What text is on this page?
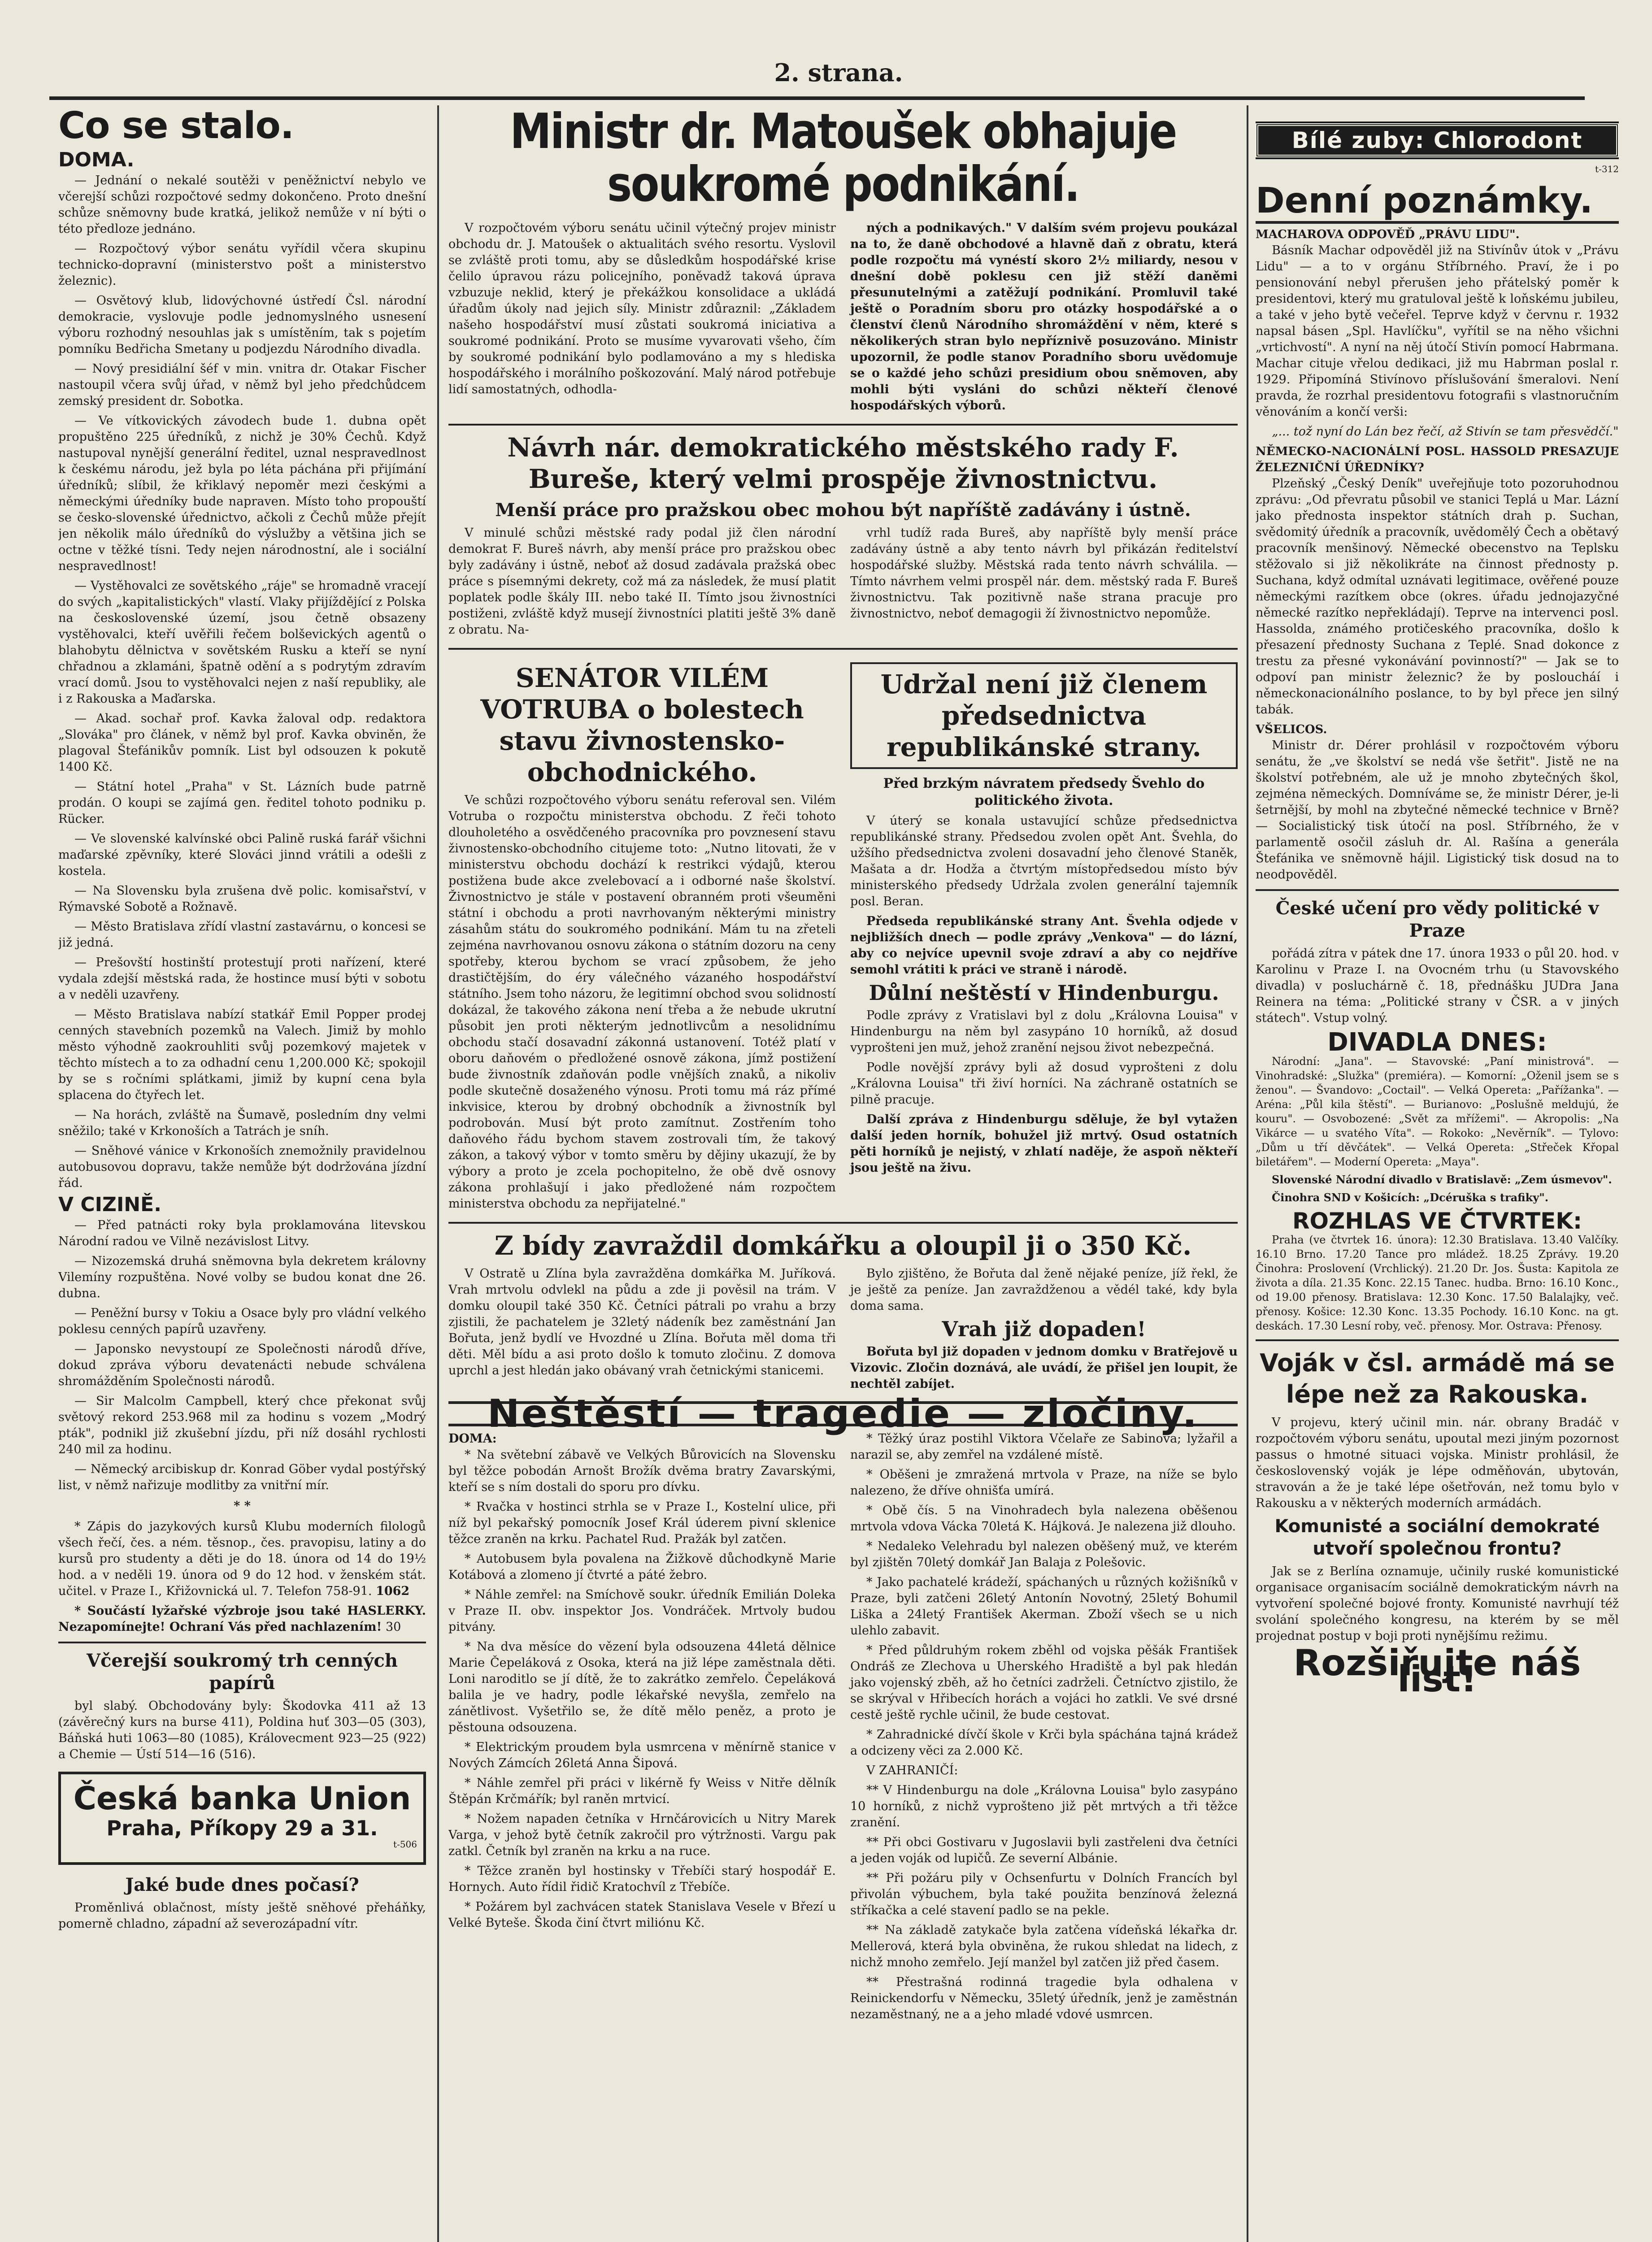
2. strana.
Co se stalo.
DOMA.

— Jednání o nekalé soutěži v peněžnictví nebylo ve včerejší schůzi rozpočtové sedmy dokončeno. Proto dnešní schůze sněmovny bude kratká, jelikož nemůže v ní býti o této předloze jednáno.

— Rozpočtový výbor senátu vyřídil včera skupinu technicko-dopravní (ministerstvo pošt a ministerstvo železnic).

— Osvětový klub, lidovýchovné ústředí Čsl. národní demokracie, vyslovuje podle jednomyslného usnesení výboru rozhodný nesouhlas jak s umístěním, tak s pojetím pomníku Bedřicha Smetany u podjezdu Národního divadla.

— Nový presidiální šéf v min. vnitra dr. Otakar Fischer nastoupil včera svůj úřad, v němž byl jeho předchůdcem zemský president dr. Sobotka.

— Ve vítkovických závodech bude 1. dubna opět propuštěno 225 úředníků, z nichž je 30% Čechů. Když nastupoval nynější generální ředitel, uznal nespravedlnost k českému národu, jež byla po léta páchána při přijímání úředníků; slíbil, že křiklavý nepoměr mezi českými a německými úředníky bude napraven. Místo toho propouští se česko-slovenské úřednictvo, ačkoli z Čechů může přejít jen několik málo úředníků do výslužby a většina jich se octne v těžké tísni. Tedy nejen národnostní, ale i sociální nespravedlnost!

— Vystěhovalci ze sovětského „ráje" se hromadně vracejí do svých „kapitalistických" vlastí. Vlaky přijíždějící z Polska na československé území, jsou četně obsazeny vystěhovalci, kteří uvěřili řečem bolševických agentů o blahobytu dělnictva v sovětském Rusku a kteří se nyní chřadnou a zklamáni, špatně odění a s podrytým zdravím vrací domů. Jsou to vystěhovalci nejen z naší republiky, ale i z Rakouska a Maďarska.

— Akad. sochař prof. Kavka žaloval odp. redaktora „Slováka" pro článek, v němž byl prof. Kavka obviněn, že plagoval Štefánikův pomník. List byl odsouzen k pokutě 1400 Kč.

— Státní hotel „Praha" v St. Lázních bude patrně prodán. O koupi se zajímá gen. ředitel tohoto podniku p. Rücker.

— Ve slovenské kalvínské obci Palině ruská farář všichni maďarské zpěvníky, které Slováci jinnd vrátili a odešli z kostela.

— Na Slovensku byla zrušena dvě polic. komisařství, v Rýmavské Sobotě a Rožnavě.

— Město Bratislava zřídí vlastní zastavárnu, o koncesi se již jedná.

— Prešovští hostinští protestují proti nařízení, které vydala zdejší městská rada, že hostince musí býti v sobotu a v neděli uzavřeny.

— Město Bratislava nabízí statkář Emil Popper prodej cenných stavebních pozemků na Valech. Jimiž by mohlo město výhodně zaokrouhliti svůj pozemkový majetek v těchto místech a to za odhadní cenu 1,200.000 Kč; spokojil by se s ročními splátkami, jimiž by kupní cena byla splacena do čtyřech let.

— Na horách, zvláště na Šumavě, posledním dny velmi sněžilo; také v Krkonoších a Tatrách je sníh.

— Sněhové vánice v Krkonoších znemožnily pravidelnou autobusovou dopravu, takže nemůže být dodržována jízdní řád.

V CIZINĚ.

— Před patnácti roky byla proklamována litevskou Národní radou ve Vilně nezávislost Litvy.

— Nizozemská druhá sněmovna byla dekretem královny Vilemíny rozpuštěna. Nové volby se budou konat dne 26. dubna.

— Peněžní bursy v Tokiu a Osace byly pro vládní velkého poklesu cenných papírů uzavřeny.

— Japonsko nevystoupí ze Společnosti národů dříve, dokud zpráva výboru devatenácti nebude schválena shromážděním Společnosti národů.

— Sir Malcolm Campbell, který chce překonat svůj světový rekord 253.968 mil za hodinu s vozem „Modrý pták", podnikl již zkušební jízdu, při níž dosáhl rychlosti 240 mil za hodinu.

— Německý arcibiskup dr. Konrad Göber vydal postýřský list, v němž nařizuje modlitby za vnitřní mír.

* *

* Zápis do jazykových kursů Klubu moderních filologů všech řečí, čes. a ném. těsnop., čes. pravopisu, latiny a do kursů pro studenty a děti je do 18. února od 14 do 19½ hod. a v neděli 19. února od 9 do 12 hod. v ženském stát. učitel. v Praze I., Křižovnická ul. 7. Telefon 758-91. 1062

* Součástí lyžařské výzbroje jsou také HASLERKY. Nezapomínejte! Ochraní Vás před nachlazením! 30

Včerejší soukromý trh cenných papírů

byl slabý. Obchodovány byly: Škodovka 411 až 13 (závěrečný kurs na burse 411), Poldina huť 303—05 (303), Báňská huti 1063—80 (1085), Královecment 923—25 (922) a Chemie — Ústí 514—16 (516).

Česká banka Union
Praha, Příkopy 29 a 31.
t-506
Jaké bude dnes počasí?

Proměnlivá oblačnost, místy ještě sněhové přeháňky, pomerně chladno, západní až severozápadní vítr.

Ministr dr. Matoušek obhajuje soukromé podnikání.

V rozpočtovém výboru senátu učinil výtečný projev ministr obchodu dr. J. Matoušek o aktualitách svého resortu. Vyslovil se zvláště proti tomu, aby se důsledkům hospodářské krise čelilo úpravou rázu policejního, poněvadž taková úprava vzbuzuje neklid, který je překážkou konsolidace a ukládá úřadům úkoly nad jejich síly. Ministr zdůraznil: „Základem našeho hospodářství musí zůstati soukromá iniciativa a soukromé podnikání. Proto se musíme vyvarovati všeho, čím by soukromé podnikání bylo podlamováno a my s hlediska hospodářského i morálního poškozování. Malý národ potřebuje lidí samostatných, odhodla-

ných a podnikavých." V dalším svém projevu poukázal na to, že daně obchodové a hlavně daň z obratu, která podle rozpočtu má vynéstí skoro 2½ miliardy, nesou v dnešní době poklesu cen již stěží daněmi přesunutelnými a zatěžují podnikání. Promluvil také ještě o Poradním sboru pro otázky hospodářské a o členství členů Národního shromáždění v něm, které s několikerých stran bylo nepříznivě posuzováno. Ministr upozornil, že podle stanov Poradního sboru uvědomuje se o každé jeho schůzi presidium obou sněmoven, aby mohli býti vysláni do schůzi někteří členové hospodářských výborů.

Návrh nár. demokratického městského rady F. Bureše, který velmi prospěje živnostnictvu.
Menší práce pro pražskou obec mohou být napříště zadávány i ústně.

V minulé schůzi městské rady podal již člen národní demokrat F. Bureš návrh, aby menší práce pro pražskou obec byly zadávány i ústně, neboť až dosud zadávala pražská obec práce s písemnými dekrety, což má za následek, že musí platit poplatek podle škály III. nebo také II. Tímto jsou živnostníci postiženi, zvláště když musejí živnostníci platiti ještě 3% daně z obratu. Na-

vrhl tudíž rada Bureš, aby napříště byly menší práce zadávány ústně a aby tento návrh byl přikázán ředitelství hospodářské služby. Městská rada tento návrh schválila. — Tímto návrhem velmi prospěl nár. dem. městský rada F. Bureš živnostnictvu. Tak pozitivně naše strana pracuje pro živnostnictvo, neboť demagogii ží živnostnictvo nepomůže.

SENÁTOR VILÉM VOTRUBA o bolestech stavu živnostensko-obchodnického.

Ve schůzi rozpočtového výboru senátu referoval sen. Vilém Votruba o rozpočtu ministerstva obchodu. Z řeči tohoto dlouholetého a osvědčeného pracovníka pro povznesení stavu živnostensko-obchodního citujeme toto: „Nutno litovati, že v ministerstvu obchodu dochází k restrikci výdajů, kterou postižena bude akce zvelebovací a i odborné naše školství. Živnostnictvo je stále v postavení obranném proti všeuměni státní i obchodu a proti navrhovaným některými ministry zásahům státu do soukromého podnikání. Mám tu na zřeteli zejména navrhovanou osnovu zákona o státním dozoru na ceny spotřeby, kterou bychom se vrací způsobem, že jeho drastičtějším, do éry válečného vázaného hospodářství státního. Jsem toho názoru, že legitimní obchod svou solidností dokázal, že takového zákona není třeba a že nebude ukrutní působit jen proti některým jednotlivcům a nesolidnímu obchodu stačí dosavadní zákonná ustanovení. Totéž platí v oboru daňovém o předložené osnově zákona, jímž postižení bude živnostník zdaňován podle vnějších znaků, a nikoliv podle skutečně dosaženého výnosu. Proti tomu má ráz přímé inkvisice, kterou by drobný obchodník a živnostník byl podrobován. Musí být proto zamítnut. Zostřením toho daňového řádu bychom stavem zostrovali tím, že takový zákon, a takový výbor v tomto směru by dějiny ukazují, že by výbory a proto je zcela pochopitelno, že obě dvě osnovy zákona prohlašují i jako předložené nám rozpočtem ministerstva obchodu za nepřijatelné."

Udržal není již členem předsednictva republikánské strany.
Před brzkým návratem předsedy Švehlo do politického života.

V úterý se konala ustavující schůze předsednictva republikánské strany. Předsedou zvolen opět Ant. Švehla, do užšího předsednictva zvoleni dosavadní jeho členové Staněk, Mašata a dr. Hodža a čtvrtým místopředsedou místo býv ministerského předsedy Udržala zvolen generální tajemník posl. Beran.

Předseda republikánské strany Ant. Švehla odjede v nejbližších dnech — podle zprávy „Venkova" — do lázní, aby co nejvíce upevnil svoje zdraví a aby co nejdříve semohl vrátiti k práci ve straně i národě.

Důlní neštěstí v Hindenburgu.

Podle zprávy z Vratislavi byl z dolu „Královna Louisa" v Hindenburgu na něm byl zasypáno 10 horníků, až dosud vyprošteni jen muž, jehož zranění nejsou život nebezpečná.

Podle novější zprávy byli až dosud vyprošteni z dolu „Královna Louisa" tři živí horníci. Na záchraně ostatních se pilně pracuje.

Další zpráva z Hindenburgu sděluje, že byl vytažen další jeden horník, bohužel již mrtvý. Osud ostatních pěti horníků je nejistý, v zhlatí naděje, že aspoň někteří jsou ještě na živu.

Z bídy zavraždil domkářku a oloupil ji o 350 Kč.

V Ostratě u Zlína byla zavražděna domkářka M. Juříková. Vrah mrtvolu odvlekl na půdu a zde ji pověsil na trám. V domku oloupil také 350 Kč. Četníci pátrali po vrahu a brzy zjistili, že pachatelem je 32letý nádeník bez zaměstnání Jan Bořuta, jenž bydlí ve Hvozdné u Zlína. Bořuta měl doma tři děti. Měl bídu a asi proto došlo k tomuto zločinu. Z domova uprchl a jest hledán jako obávaný vrah četnickými stanicemi.

Bylo zjištěno, že Bořuta dal ženě nějaké peníze, jíž řekl, že je ještě za peníze. Jan zavraždženou a vědél také, kdy byla doma sama.

Vrah již dopaden!

Bořuta byl již dopaden v jednom domku v Bratřejově u Vizovic. Zločin doznává, ale uvádí, že přišel jen loupit, že nechtěl zabíjet.

Neštěstí — tragedie — zločiny.
DOMA:

* Na světební zábavě ve Velkých Bůrovicích na Slovensku byl těžce pobodán Arnošt Brožík dvěma bratry Zavarskými, kteří se s ním dostali do sporu pro dívku.

* Rvačka v hostinci strhla se v Praze I., Kostelní ulice, při níž byl pekařský pomocník Josef Král úderem pivní sklenice těžce zraněn na krku. Pachatel Rud. Pražák byl zatčen.

* Autobusem byla povalena na Žižkově důchodkyně Marie Kotábová a zlomeno jí čtvrté a páté žebro.

* Náhle zemřel: na Smíchově soukr. úředník Emilián Doleka v Praze II. obv. inspektor Jos. Vondráček. Mrtvoly budou pitvány.

* Na dva měsíce do vězení byla odsouzena 44letá dělnice Marie Čepeláková z Osoka, která na již lépe zaměstnala děti. Loni naroditlo se jí dítě, že to zakrátko zemřelo. Čepeláková balila je ve hadry, podle lékařské nevyšla, zemřelo na zánětlivost. Vyšetřilo se, že dítě mělo peněz, a proto je pěstouna odsouzena.

* Elektrickým proudem byla usmrcena v měnírně stanice v Nových Zámcích 26letá Anna Šipová.

* Náhle zemřel při práci v likérně fy Weiss v Nitře dělník Štěpán Krčmářík; byl raněn mrtvicí.

* Nožem napaden četníka v Hrnčárovicích u Nitry Marek Varga, v jehož bytě četník zakročil pro výtržnosti. Vargu pak zatkl. Četník byl zraněn na krku a na ruce.

* Těžce zraněn byl hostinsky v Třebíči starý hospodář E. Hornych. Auto řídil řidič Kratochvíl z Třebíče.

* Požárem byl zachvácen statek Stanislava Vesele v Březí u Velké Byteše. Škoda činí čtvrt miliónu Kč.

* Těžký úraz postihl Viktora Včelaře ze Sabinova; lyžařil a narazil se, aby zemřel na vzdálené místě.

* Oběšeni je zmražená mrtvola v Praze, na níže se bylo nalezeno, že dříve ohnišťa umírá.

* Obě čís. 5 na Vinohradech byla nalezena oběšenou mrtvola vdova Vácka 70letá K. Hájková. Je nalezena již dlouho.

* Nedaleko Velehradu byl nalezen oběšený muž, ve kterém byl zjištěn 70letý domkář Jan Balaja z Polešovic.

* Jako pachatelé krádeží, spáchaných u různých kožišníků v Praze, byli zatčeni 26letý Antonín Novotný, 25letý Bohumil Liška a 24letý František Akerman. Zboží všech se u nich ulehlo zabavit.

* Před půldruhým rokem zběhl od vojska pěšák František Ondráš ze Zlechova u Uherského Hradiště a byl pak hledán jako vojenský zběh, až ho četníci zadrželi. Četníctvo zjistilo, že se skrýval v Hřibecích horách a vojáci ho zatkli. Ve své drsné cestě ještě rychle učinil, že bude cestovat.

* Zahradnické dívčí škole v Krči byla spáchána tajná krádež a odcizeny věci za 2.000 Kč.

V ZAHRANIČÍ:

** V Hindenburgu na dole „Královna Louisa" bylo zasypáno 10 horníků, z nichž vyprošteno již pět mrtvých a tři těžce zranění.

** Při obci Gostivaru v Jugoslavii byli zastřeleni dva četníci a jeden voják od lupičů. Ze severní Albánie.

** Při požáru pily v Ochsenfurtu v Dolních Francích byl přivolán výbuchem, byla také použita benzínová železná stříkačka a celé stavení padlo se na pekle.

** Na základě zatykače byla zatčena vídeňská lékařka dr. Mellerová, která byla obviněna, že rukou shledat na lidech, z nichž mnoho zemřelo. Její manžel byl zatčen již před časem.

** Přestrašná rodinná tragedie byla odhalena v Reinickendorfu v Německu, 35letý úředník, jenž je zaměstnán nezaměstnaný, ne a a jeho mladé vdové usmrcen.

Bílé zuby: Chlorodont
t-312
Denní poznámky.
MACHAROVA ODPOVĚĎ „PRÁVU LIDU".

Básník Machar odpověděl již na Stivínův útok v „Právu Lidu" — a to v orgánu Stříbrného. Praví, že i po pensionování nebyl přerušen jeho přátelský poměr k presidentovi, který mu gratuloval ještě k loňskému jubileu, a také v jeho bytě večeřel. Teprve když v červnu r. 1932 napsal básen „Spl. Havlíčku", vyřítil se na něho všichni „vrtichvostí". A nyní na něj útočí Stivín pomocí Habrmana. Machar cituje vřelou dedikaci, již mu Habrman poslal r. 1929. Připomíná Stivínovo příslušování šmeralovi. Není pravda, že rozrhal presidentovu fotografii s vlastnoručním věnováním a končí verši:

„... tož nyní do Lán bez řečí, až Stivín se tam přesvědčí."

NĚMECKO-NACIONÁLNÍ POSL. HASSOLD PRESAZUJE ŽELEZNIČNÍ ÚŘEDNÍKY?

Plzeňský „Český Deník" uveřejňuje toto pozoruhodnou zprávu: „Od převratu působil ve stanici Teplá u Mar. Lázní jako přednosta inspektor státních drah p. Suchan, svědomitý úředník a pracovník, uvědomělý Čech a obětavý pracovník menšinový. Německé obecenstvo na Teplsku stěžovalo si již několikráte na činnost přednosty p. Suchana, když odmítal uznávati legitimace, ověřené pouze německými razítkem obce (okres. úřadu jednojazyčné německé razítko nepřekládají). Teprve na intervenci posl. Hassolda, známého protičeského pracovníka, došlo k přesazení přednosty Suchana z Teplé. Snad dokonce z trestu za přesné vykonávání povinností?" — Jak se to odpoví pan ministr železnic? že by posloucháí i německonacionálního poslance, to by byl přece jen silný tabák.

VŠELICOS.

Ministr dr. Dérer prohlásil v rozpočtovém výboru senátu, že „ve školství se nedá vše šetřit". Jistě ne na školství potřebném, ale už je mnoho zbytečných škol, zejména německých. Domníváme se, že ministr Dérer, je-li šetrnější, by mohl na zbytečné německé technice v Brně? — Socialistický tisk útočí na posl. Stříbrného, že v parlamentě osočil zásluh dr. Al. Rašína a generála Štefánika ve sněmovně hájil. Ligistický tisk dosud na to neodpověděl.

České učení pro vědy politické v Praze

pořádá zítra v pátek dne 17. února 1933 o půl 20. hod. v Karolinu v Praze I. na Ovocném trhu (u Stavovského divadla) v posluchárně č. 18, přednášku JUDra Jana Reinera na téma: „Politické strany v ČSR. a v jiných státech". Vstup volný.

DIVADLA DNES:

Národní: „Jana". — Stavovské: „Paní ministrová". — Vinohradské: „Služka" (premiéra). — Komorní: „Oženil jsem se s ženou". — Švandovo: „Coctail". — Velká Opereta: „Pařížanka". — Aréna: „Půl kila štěstí". — Burianovo: „Poslušně meldujú, že kouru". — Osvobozené: „Svět za mřížemi". — Akropolis: „Na Vikárce — u svatého Víta". — Rokoko: „Nevěrník". — Tylovo: „Dům u tří děvčátek". — Velká Opereta: „Střeček Křopal biletářem". — Moderní Opereta: „Maya".

Slovenské Národní divadlo v Bratislavě: „Zem úsmevov".

Činohra SND v Košicích: „Dcéruška s trafiky".

ROZHLAS VE ČTVRTEK:

Praha (ve čtvrtek 16. února): 12.30 Bratislava. 13.40 Valčíky. 16.10 Brno. 17.20 Tance pro mládež. 18.25 Zprávy. 19.20 Činohra: Proslovení (Vrchlický). 21.20 Dr. Jos. Šusta: Kapitola ze života a díla. 21.35 Konc. 22.15 Tanec. hudba. Brno: 16.10 Konc., od 19.00 přenosy. Bratislava: 12.30 Konc. 17.50 Balalajky, več. přenosy. Košice: 12.30 Konc. 13.35 Pochody. 16.10 Konc. na gt. deskách. 17.30 Lesní roby, več. přenosy. Mor. Ostrava: Přenosy.

Voják v čsl. armádě má se lépe než za Rakouska.

V projevu, který učinil min. nár. obrany Bradáč v rozpočtovém výboru senátu, upoutal mezi jiným pozornost passus o hmotné situaci vojska. Ministr prohlásil, že československý voják je lépe odměňován, ubytován, stravován a že je také lépe ošetřován, než tomu bylo v Rakousku a v některých moderních armádách.

Komunisté a sociální demokraté utvoří společnou frontu?

Jak se z Berlína oznamuje, učinily ruské komunistické organisace organisacím sociálně demokratickým návrh na vytvoření společné bojové fronty. Komunisté navrhují též svolání společného kongresu, na kterém by se měl projednat postup v boji proti nynějšímu režimu.

Rozšiřujte náš list!
